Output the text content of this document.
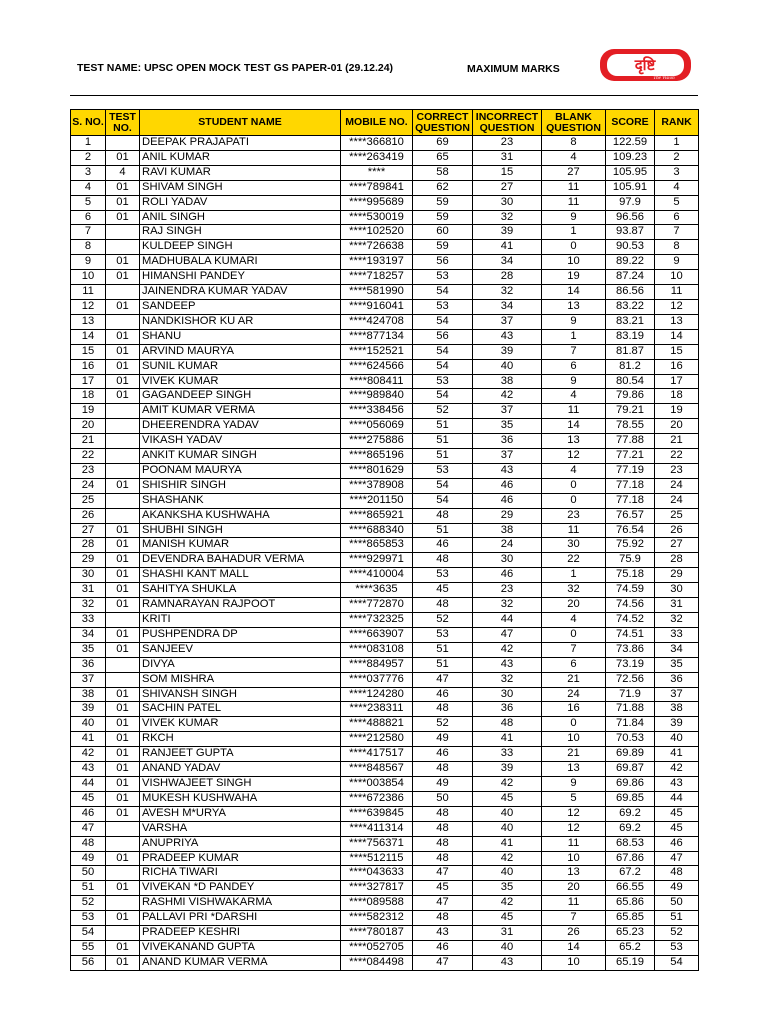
TEST NAME: UPSC OPEN MOCK TEST GS PAPER-01 (29.12.24)	MAXIMUM MARKS	दृष्टि
The Vision
S. NO.	TEST NO.	STUDENT NAME	MOBILE NO.	CORRECT QUESTION	INCORRECT QUESTION	BLANK QUESTION	SCORE	RANK
1		DEEPAK PRAJAPATI	****366810	69	23	8	122.59	1
2	01	ANIL KUMAR	****263419	65	31	4	109.23	2
3	4	RAVI KUMAR	****	58	15	27	105.95	3
4	01	SHIVAM SINGH	****789841	62	27	11	105.91	4
5	01	ROLI YADAV	****995689	59	30	11	97.9	5
6	01	ANIL SINGH	****530019	59	32	9	96.56	6
7		RAJ SINGH	****102520	60	39	1	93.87	7
8		KULDEEP SINGH	****726638	59	41	0	90.53	8
9	01	MADHUBALA KUMARI	****193197	56	34	10	89.22	9
10	01	HIMANSHI PANDEY	****718257	53	28	19	87.24	10
11		JAINENDRA KUMAR YADAV	****581990	54	32	14	86.56	11
12	01	SANDEEP	****916041	53	34	13	83.22	12
13		NANDKISHOR KU AR	****424708	54	37	9	83.21	13
14	01	SHANU	****877134	56	43	1	83.19	14
15	01	ARVIND MAURYA	****152521	54	39	7	81.87	15
16	01	SUNIL KUMAR	****624566	54	40	6	81.2	16
17	01	VIVEK KUMAR	****808411	53	38	9	80.54	17
18	01	GAGANDEEP SINGH	****989840	54	42	4	79.86	18
19		AMIT KUMAR VERMA	****338456	52	37	11	79.21	19
20		DHEERENDRA YADAV	****056069	51	35	14	78.55	20
21		VIKASH YADAV	****275886	51	36	13	77.88	21
22		ANKIT KUMAR SINGH	****865196	51	37	12	77.21	22
23		POONAM MAURYA	****801629	53	43	4	77.19	23
24	01	SHISHIR SINGH	****378908	54	46	0	77.18	24
25		SHASHANK	****201150	54	46	0	77.18	24
26		AKANKSHA KUSHWAHA	****865921	48	29	23	76.57	25
27	01	SHUBHI SINGH	****688340	51	38	11	76.54	26
28	01	MANISH KUMAR	****865853	46	24	30	75.92	27
29	01	DEVENDRA BAHADUR VERMA	****929971	48	30	22	75.9	28
30	01	SHASHI KANT MALL	****410004	53	46	1	75.18	29
31	01	SAHITYA SHUKLA	****3635	45	23	32	74.59	30
32	01	RAMNARAYAN RAJPOOT	****772870	48	32	20	74.56	31
33		KRITI	****732325	52	44	4	74.52	32
34	01	PUSHPENDRA DP	****663907	53	47	0	74.51	33
35	01	SANJEEV	****083108	51	42	7	73.86	34
36		DIVYA	****884957	51	43	6	73.19	35
37		SOM MISHRA	****037776	47	32	21	72.56	36
38	01	SHIVANSH SINGH	****124280	46	30	24	71.9	37
39	01	SACHIN PATEL	****238311	48	36	16	71.88	38
40	01	VIVEK KUMAR	****488821	52	48	0	71.84	39
41	01	RKCH	****212580	49	41	10	70.53	40
42	01	RANJEET GUPTA	****417517	46	33	21	69.89	41
43	01	ANAND YADAV	****848567	48	39	13	69.87	42
44	01	VISHWAJEET SINGH	****003854	49	42	9	69.86	43
45	01	MUKESH KUSHWAHA	****672386	50	45	5	69.85	44
46	01	AVESH M*URYA	****639845	48	40	12	69.2	45
47		VARSHA	****411314	48	40	12	69.2	45
48		ANUPRIYA	****756371	48	41	11	68.53	46
49	01	PRADEEP KUMAR	****512115	48	42	10	67.86	47
50		RICHA TIWARI	****043633	47	40	13	67.2	48
51	01	VIVEKAN *D PANDEY	****327817	45	35	20	66.55	49
52		RASHMI VISHWAKARMA	****089588	47	42	11	65.86	50
53	01	PALLAVI PRI *DARSHI	****582312	48	45	7	65.85	51
54		PRADEEP KESHRI	****780187	43	31	26	65.23	52
55	01	VIVEKANAND GUPTA	****052705	46	40	14	65.2	53
56	01	ANAND KUMAR VERMA	****084498	47	43	10	65.19	54
